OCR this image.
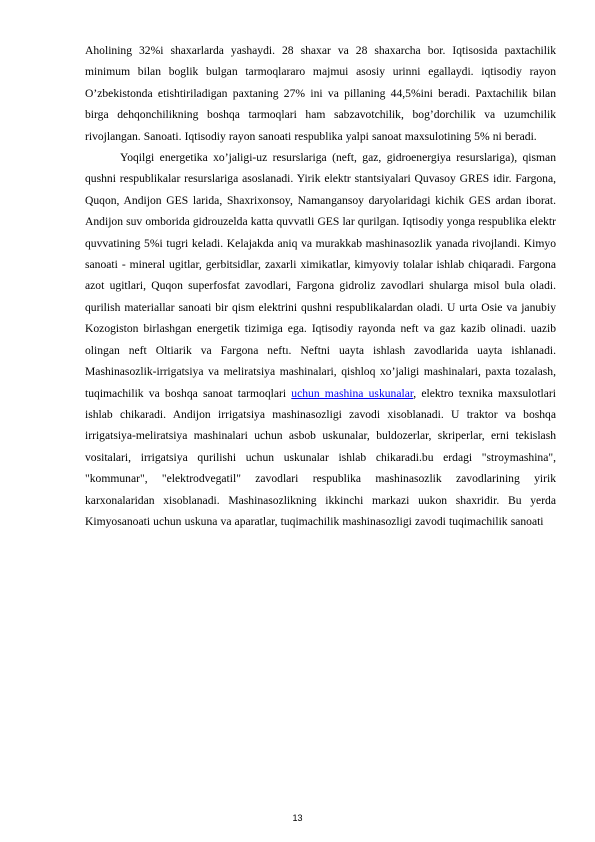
Aholining 32%i shaxarlarda yashaydi. 28 shaxar va 28 shaxarcha bor. Iqtisosida paxtachilik minimum bilan boglik bulgan tarmoqlararo majmui asosiy urinni egallaydi. iqtisodiy rayon O’zbekistonda etishtiriladigan paxtaning 27% ini va pillaning 44,5%ini beradi. Paxtachilik bilan birga dehqonchilikning boshqa tarmoqlari ham sabzavotchilik, bog’dorchilik va uzumchilik rivojlangan. Sanoati. Iqtisodiy rayon sanoati respublika yalpi sanoat maxsulotining 5% ni beradi.

Yoqilgi energetika xo’jaligi-uz resurslariga (neft, gaz, gidroenergiya resurslariga), qisman qushni respublikalar resurslariga asoslanadi. Yirik elektr stantsiyalari Quvasoy GRES idir. Fargona, Quqon, Andijon GES larida, Shaxrixonsoy, Namangansoy daryolaridagi kichik GES ardan iborat. Andijon suv omborida gidrouzelda katta quvvatli GES lar qurilgan. Iqtisodiy yonga respublika elektr quvvatining 5%i tugri keladi. Kelajakda aniq va murakkab mashinasozlik yanada rivojlandi. Kimyo sanoati - mineral ugitlar, gerbitsidlar, zaxarli ximikatlar, kimyoviy tolalar ishlab chiqaradi. Fargona azot ugitlari, Quqon superfosfat zavodlari, Fargona gidroliz zavodlari shularga misol bula oladi. qurilish materiallar sanoati bir qism elektrini qushni respublikalardan oladi. U urta Osie va janubiy Kozogiston birlashgan energetik tizimiga ega. Iqtisodiy rayonda neft va gaz kazib olinadi. uazib olingan neft Oltiarik va Fargona neftı. Neftni uayta ishlash zavodlarida uayta ishlanadi. Mashinasozlik-irrigatsiya va meliratsiya mashinalari, qishloq xo’jaligi mashinalari, paxta tozalash, tuqimachilik va boshqa sanoat tarmoqlari uchun mashina uskunalar, elektro texnika maxsulotlari ishlab chikaradi. Andijon irrigatsiya mashinasozligi zavodi xisoblanadi. U traktor va boshqa irrigatsiya-meliratsiya mashinalari uchun asbob uskunalar, buldozerlar, skriperlar, erni tekislash vositalari, irrigatsiya qurilishi uchun uskunalar ishlab chikaradi.bu erdagi "stroymashina", "kommunar", "elektrodvegatil" zavodlari respublika mashinasozlik zavodlarining yirik karxonalaridan xisoblanadi. Mashinasozlikning ikkinchi markazi uukon shaxridir. Bu yerda Kimyosanoati uchun uskuna va aparatlar, tuqimachilik mashinasozligi zavodi tuqimachilik sanoati

13
